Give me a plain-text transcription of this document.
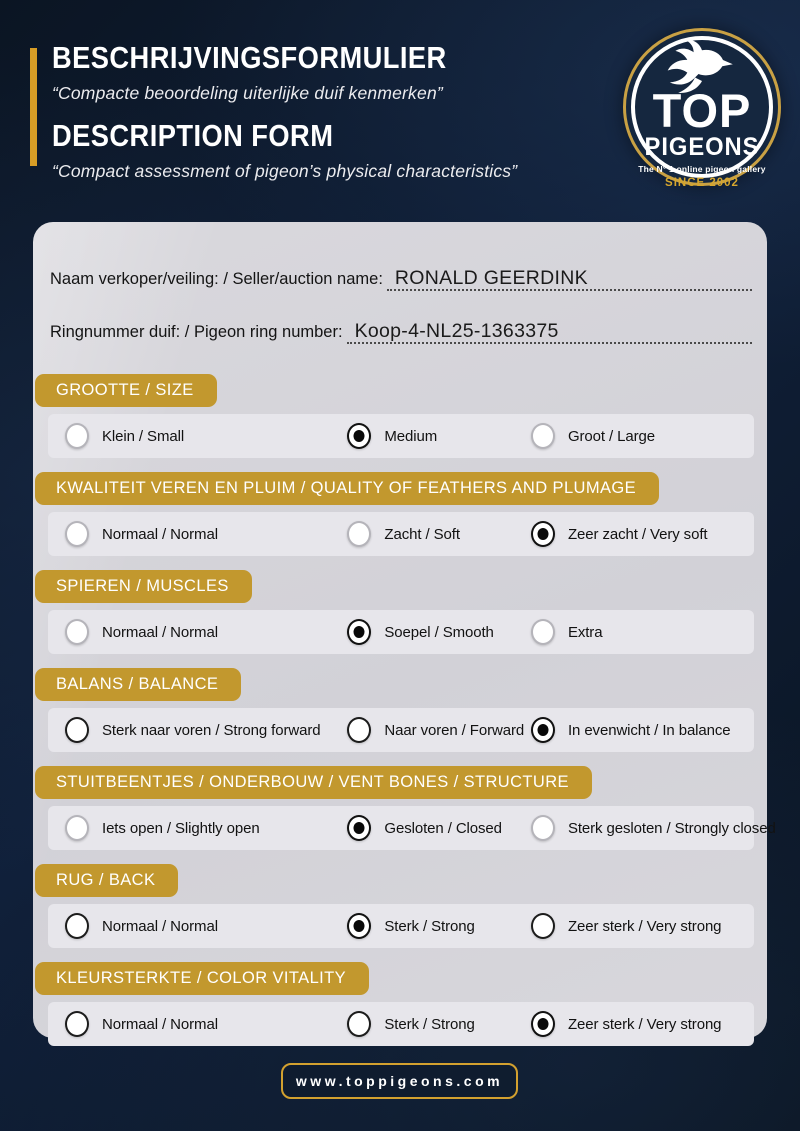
BESCHRIJVINGSFORMULIER

“Compacte beoordeling uiterlijke duif kenmerken”

DESCRIPTION FORM

“Compact assessment of pigeon’s physical characteristics”

TOP
PIGEONS
The N° 1 online pigeon gallery
SINCE 2002
Naam verkoper/veiling: / Seller/auction name: RONALD GEERDINK
Ringnummer duif: / Pigeon ring number: Koop-4-NL25-1363375
GROOTTE / SIZE
Klein / Small	Medium	Groot / Large
KWALITEIT VEREN EN PLUIM / QUALITY OF FEATHERS AND PLUMAGE
Normaal / Normal	Zacht / Soft	Zeer zacht / Very soft
SPIEREN / MUSCLES
Normaal / Normal	Soepel / Smooth	Extra
BALANS / BALANCE
Sterk naar voren / Strong forward	Naar voren / Forward	In evenwicht / In balance
STUITBEENTJES / ONDERBOUW / VENT BONES / STRUCTURE
Iets open / Slightly open	Gesloten / Closed	Sterk gesloten / Strongly closed
RUG / BACK
Normaal / Normal	Sterk / Strong	Zeer sterk / Very strong
KLEURSTERKTE / COLOR VITALITY
Normaal / Normal	Sterk / Strong	Zeer sterk / Very strong
www.toppigeons.com
